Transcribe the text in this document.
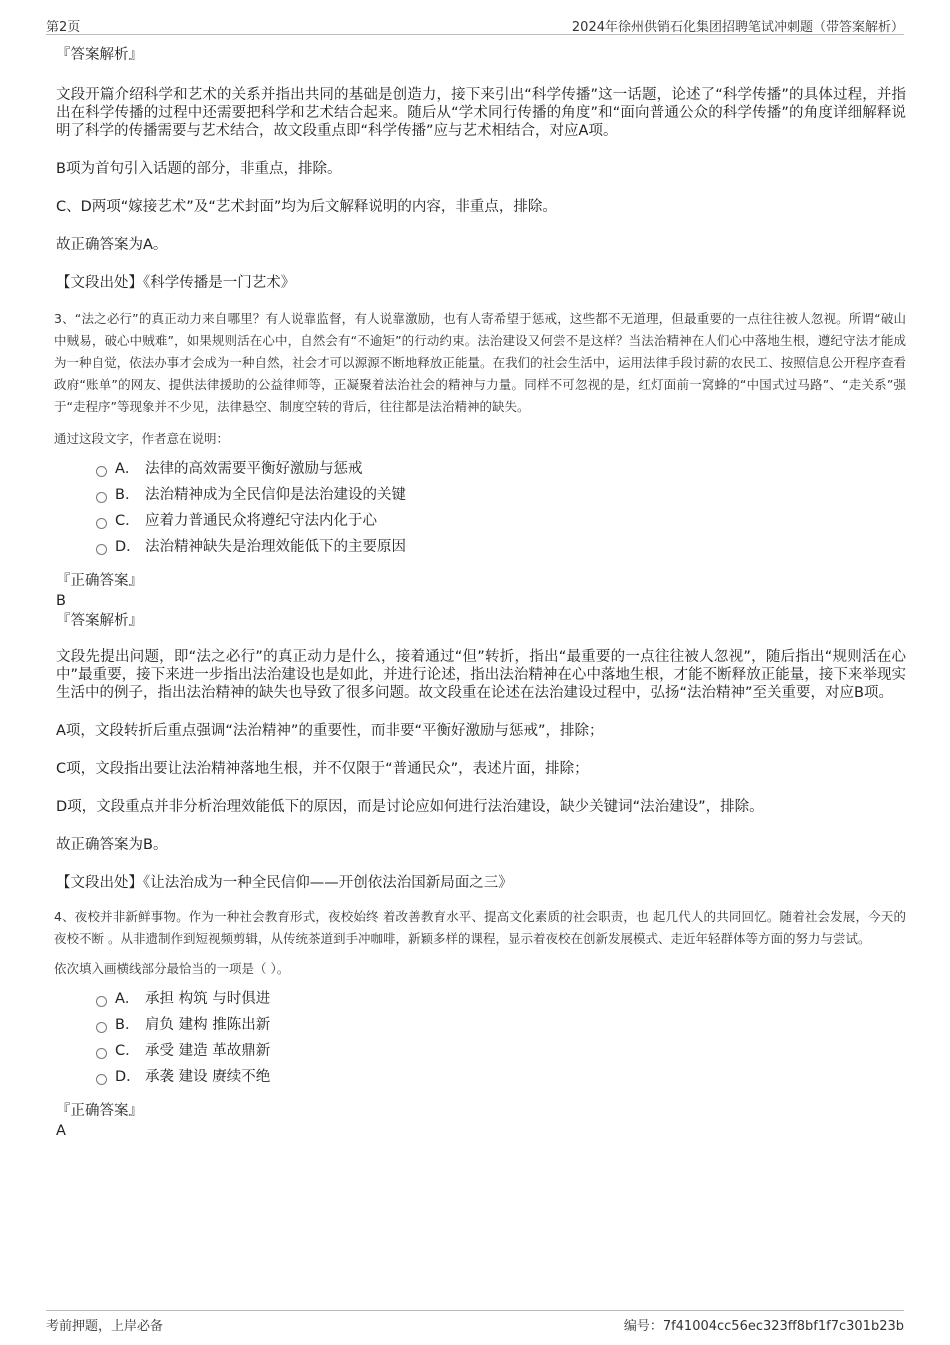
第2页	2024年徐州供销石化集团招聘笔试冲刺题（带答案解析）

『答案解析』

文段开篇介绍科学和艺术的关系并指出共同的基础是创造力，接下来引出“科学传播”这一话题，论述了“科学传播”的具体过程，并指出在科学传播的过程中还需要把科学和艺术结合起来。随后从“学术同行传播的角度”和“面向普通公众的科学传播”的角度详细解释说明了科学的传播需要与艺术结合，故文段重点即“科学传播”应与艺术相结合，对应A项。

B项为首句引入话题的部分，非重点，排除。

C、D两项“嫁接艺术”及“艺术封面”均为后文解释说明的内容，非重点，排除。

故正确答案为A。

【文段出处】《科学传播是一门艺术》

3、“法之必行”的真正动力来自哪里？有人说靠监督，有人说靠激励，也有人寄希望于惩戒，这些都不无道理，但最重要的一点往往被人忽视。所谓“破山中贼易，破心中贼难”，如果规则活在心中，自然会有“不逾矩”的行动约束。法治建设又何尝不是这样？当法治精神在人们心中落地生根，遵纪守法才能成为一种自觉，依法办事才会成为一种自然，社会才可以源源不断地释放正能量。在我们的社会生活中，运用法律手段讨薪的农民工、按照信息公开程序查看政府“账单”的网友、提供法律援助的公益律师等，正凝聚着法治社会的精神与力量。同样不可忽视的是，红灯面前一窝蜂的“中国式过马路”、“走关系”强于“走程序”等现象并不少见，法律悬空、制度空转的背后，往往都是法治精神的缺失。

通过这段文字，作者意在说明：

A． 法律的高效需要平衡好激励与惩戒
B． 法治精神成为全民信仰是法治建设的关键
C． 应着力普通民众将遵纪守法内化于心
D． 法治精神缺失是治理效能低下的主要原因

『正确答案』

B

『答案解析』

文段先提出问题，即“法之必行”的真正动力是什么，接着通过“但”转折，指出“最重要的一点往往被人忽视”，随后指出“规则活在心中”最重要，接下来进一步指出法治建设也是如此，并进行论述，指出法治精神在心中落地生根，才能不断释放正能量，接下来举现实生活中的例子，指出法治精神的缺失也导致了很多问题。故文段重在论述在法治建设过程中，弘扬“法治精神”至关重要，对应B项。

A项，文段转折后重点强调“法治精神”的重要性，而非要“平衡好激励与惩戒”，排除；

C项，文段指出要让法治精神落地生根，并不仅限于“普通民众”，表述片面，排除；

D项，文段重点并非分析治理效能低下的原因，而是讨论应如何进行法治建设，缺少关键词“法治建设”，排除。

故正确答案为B。

【文段出处】《让法治成为一种全民信仰——开创依法治国新局面之三》

4、夜校并非新鲜事物。作为一种社会教育形式，夜校始终 着改善教育水平、提高文化素质的社会职责，也 起几代人的共同回忆。随着社会发展，今天的夜校不断 。从非遗制作到短视频剪辑，从传统茶道到手冲咖啡，新颖多样的课程，显示着夜校在创新发展模式、走近年轻群体等方面的努力与尝试。

依次填入画横线部分最恰当的一项是（ ）。

A． 承担 构筑 与时俱进
B． 肩负 建构 推陈出新
C． 承受 建造 革故鼎新
D． 承袭 建设 赓续不绝

『正确答案』

A

考前押题，上岸必备	编号：7f41004cc56ec323ff8bf1f7c301b23b
